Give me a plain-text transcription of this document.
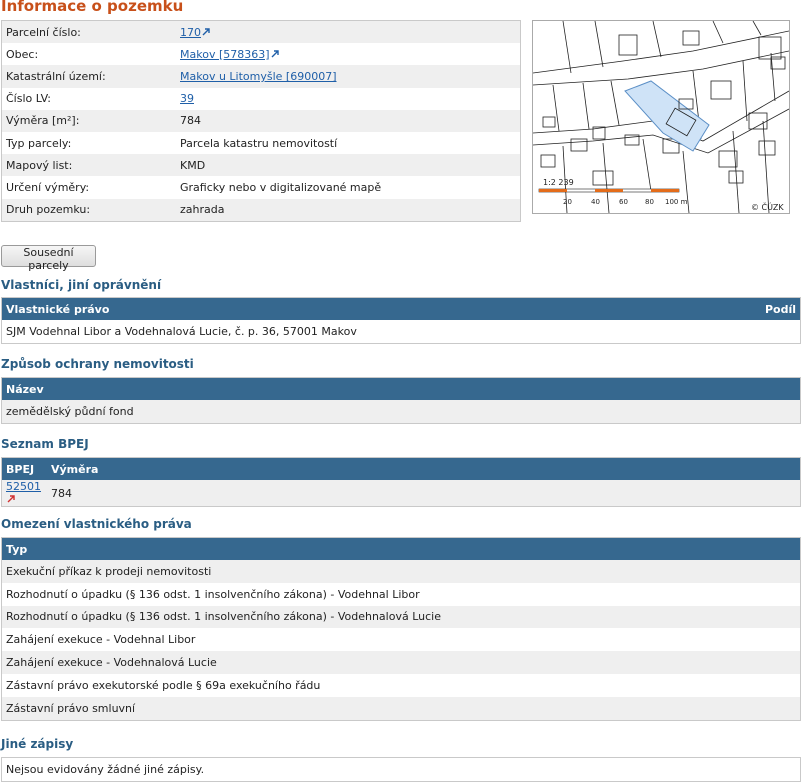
Informace o pozemku
Parcelní číslo:	170
Obec:	Makov [578363]
Katastrální území:	Makov u Litomyšle [690007]
Číslo LV:	39
Výměra [m²]:	784
Typ parcely:	Parcela katastru nemovitostí
Mapový list:	KMD
Určení výměry:	Graficky nebo v digitalizované mapě
Druh pozemku:	zahrada
1:2 239
20	40	60 80 100 m
© ČÚZK
Sousední parcely
Vlastníci, jiní oprávnění
Vlastnické právo	Podíl
SJM Vodehnal Libor a Vodehnalová Lucie, č. p. 36, 57001 Makov
Způsob ochrany nemovitosti
Název
zemědělský půdní fond
Seznam BPEJ
BPEJ	Výměra
52501	784
Omezení vlastnického práva
Typ
Exekuční příkaz k prodeji nemovitosti
Rozhodnutí o úpadku (§ 136 odst. 1 insolvenčního zákona) - Vodehnal Libor
Rozhodnutí o úpadku (§ 136 odst. 1 insolvenčního zákona) - Vodehnalová Lucie
Zahájení exekuce - Vodehnal Libor
Zahájení exekuce - Vodehnalová Lucie
Zástavní právo exekutorské podle § 69a exekučního řádu
Zástavní právo smluvní
Jiné zápisy
Nejsou evidovány žádné jiné zápisy.
